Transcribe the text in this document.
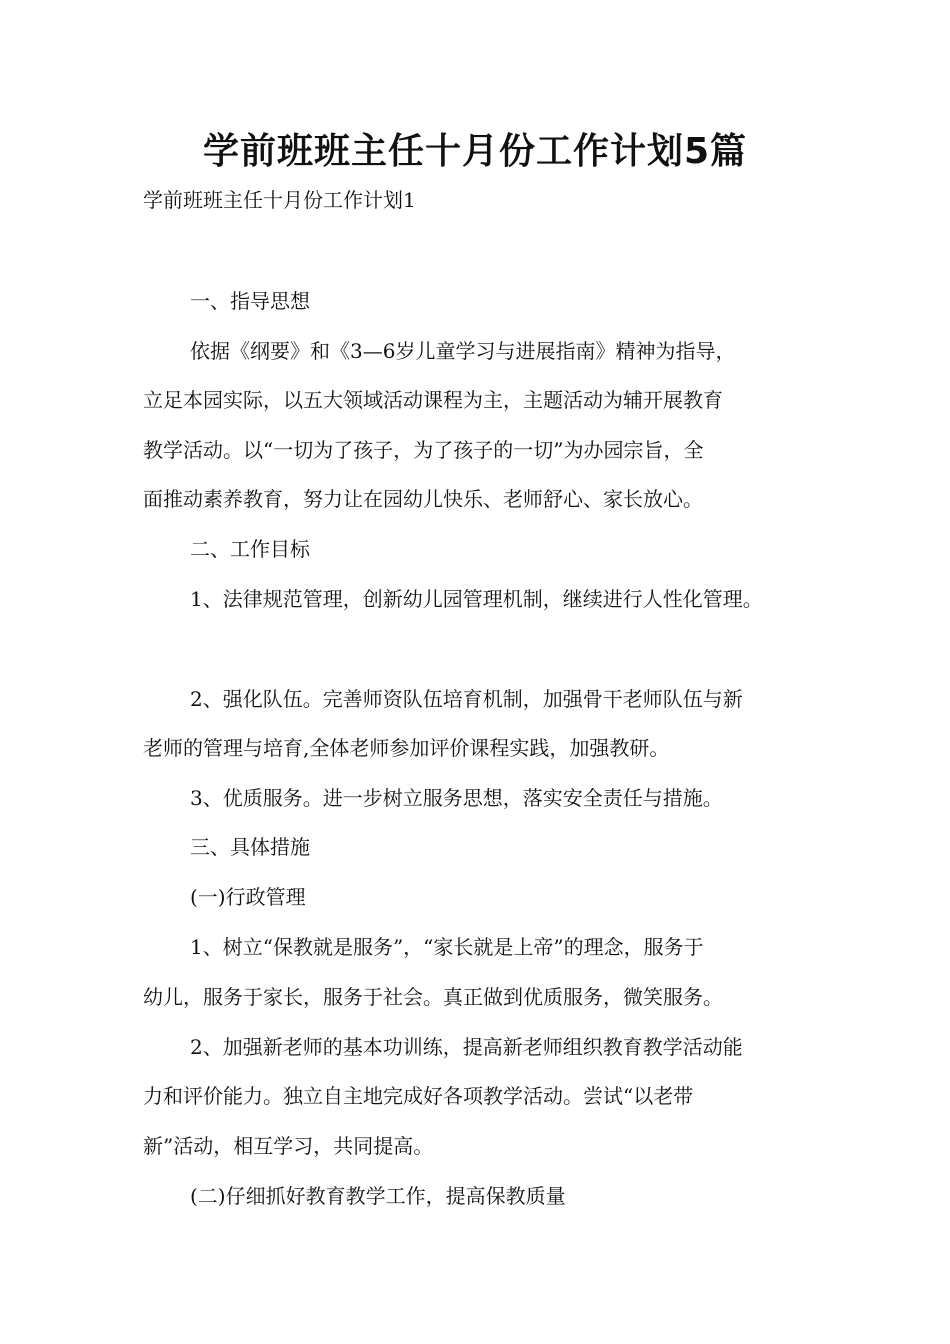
学前班班主任十月份工作计划5篇
学前班班主任十月份工作计划1
一、指导思想
依据《纲要》和《3—6岁儿童学习与进展指南》精神为指导，
立足本园实际，以五大领域活动课程为主，主题活动为辅开展教育
教学活动。以“一切为了孩子，为了孩子的一切”为办园宗旨，全
面推动素养教育，努力让在园幼儿快乐、老师舒心、家长放心。
二、工作目标
1、法律规范管理，创新幼儿园管理机制，继续进行人性化管理。
2、强化队伍。完善师资队伍培育机制，加强骨干老师队伍与新
老师的管理与培育,全体老师参加评价课程实践，加强教研。
3、优质服务。进一步树立服务思想，落实安全责任与措施。
三、具体措施
(一)行政管理
1、树立“保教就是服务”，“家长就是上帝”的理念，服务于
幼儿，服务于家长，服务于社会。真正做到优质服务，微笑服务。
2、加强新老师的基本功训练，提高新老师组织教育教学活动能
力和评价能力。独立自主地完成好各项教学活动。尝试“以老带
新”活动，相互学习，共同提高。
(二)仔细抓好教育教学工作，提高保教质量
